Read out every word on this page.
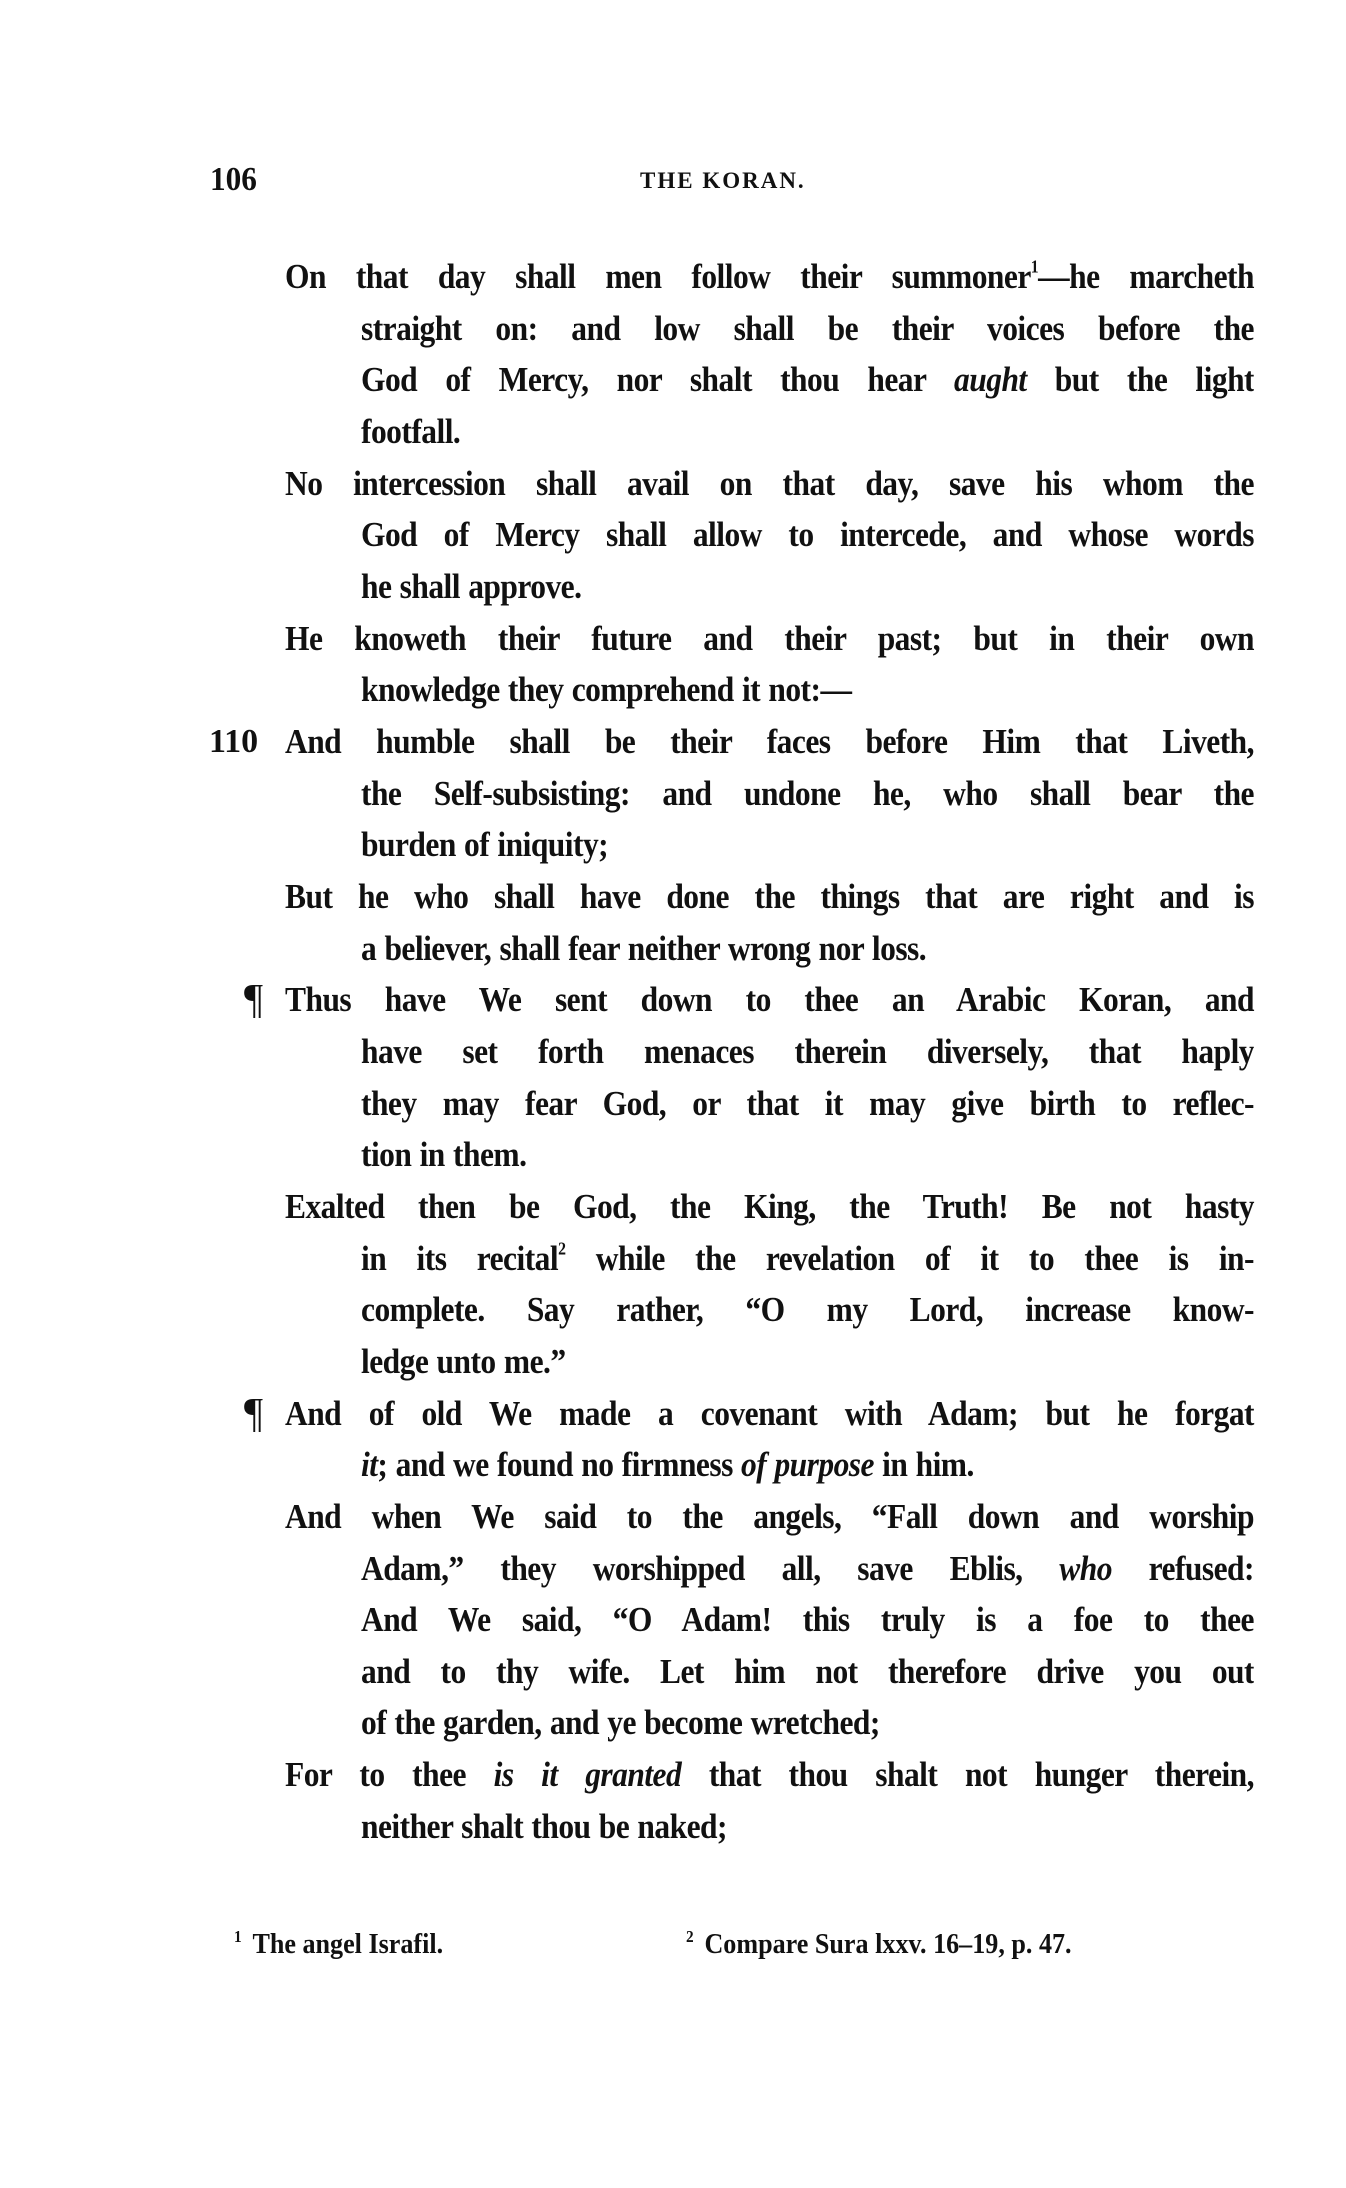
106	THE KORAN.
On that day shall men follow their summoner$^1$—he marcheth
straight on: and low shall be their voices before the
God of Mercy, nor shalt thou hear aught but the light
footfall.
No intercession shall avail on that day, save his whom the
God of Mercy shall allow to intercede, and whose words
he shall approve.
He knoweth their future and their past; but in their own
knowledge they comprehend it not:—
110 And humble shall be their faces before Him that Liveth,
the Self-subsisting: and undone he, who shall bear the
burden of iniquity;
But he who shall have done the things that are right and is
a believer, shall fear neither wrong nor loss.
¶ Thus have We sent down to thee an Arabic Koran, and
have set forth menaces therein diversely, that haply
they may fear God, or that it may give birth to reflec-
tion in them.
Exalted then be God, the King, the Truth! Be not hasty
in its recital$^2$ while the revelation of it to thee is in-
complete. Say rather, “O my Lord, increase know-
ledge unto me.”
¶ And of old We made a covenant with Adam; but he forgat
it; and we found no firmness of purpose in him.
And when We said to the angels, “Fall down and worship
Adam,” they worshipped all, save Eblis, who refused:
And We said, “O Adam! this truly is a foe to thee
and to thy wife. Let him not therefore drive you out
of the garden, and ye become wretched;
For to thee is it granted that thou shalt not hunger therein,
neither shalt thou be naked;
$^1$ The angel Israfil.	$^2$ Compare Sura lxxv. 16–19, p. 47.
